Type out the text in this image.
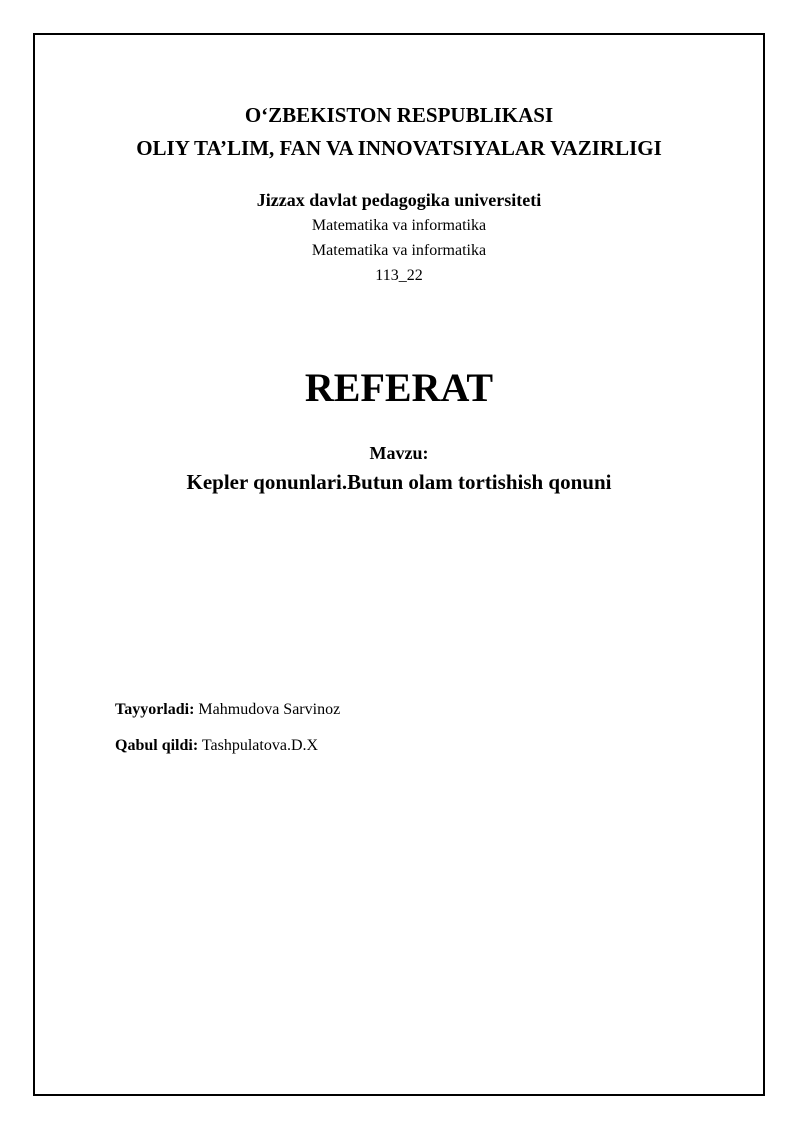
O‘ZBEKISTON RESPUBLIKASI
OLIY TA’LIM, FAN VA INNOVATSIYALAR VAZIRLIGI
Jizzax davlat pedagogika universiteti
Matematika va informatika
Matematika va informatika
113_22
REFERAT
Mavzu:
Kepler qonunlari.Butun olam tortishish qonuni
Tayyorladi: Mahmudova Sarvinoz
Qabul qildi: Tashpulatova.D.X
